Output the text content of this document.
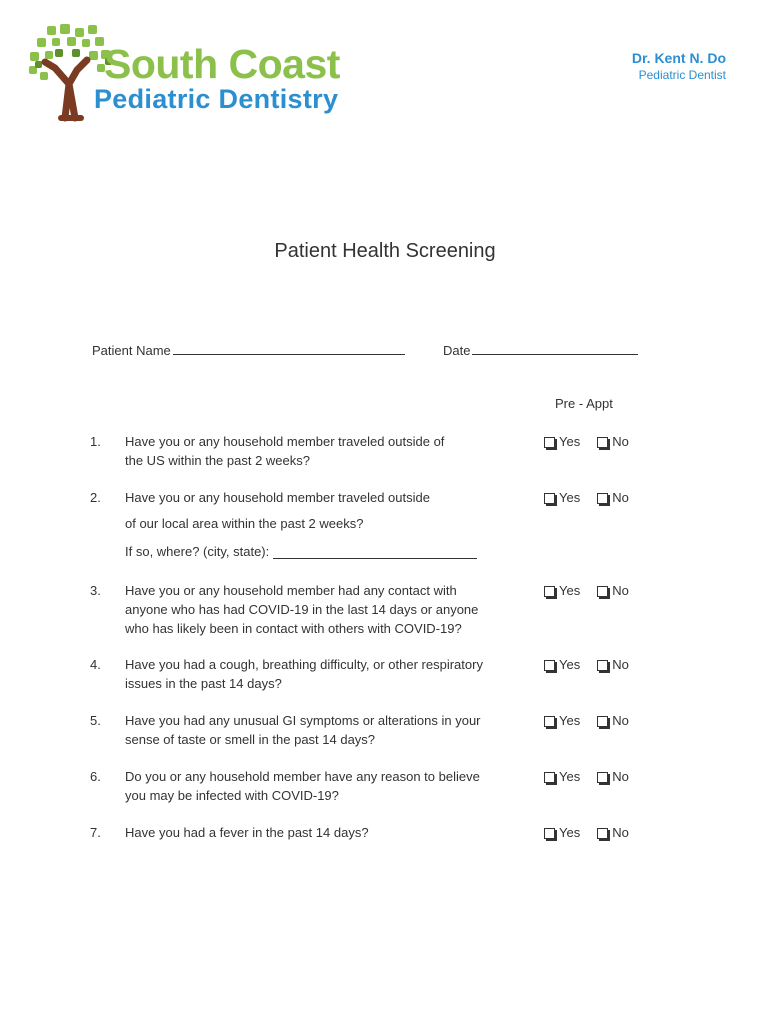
South Coast
Pediatric Dentistry
Dr. Kent N. Do
Pediatric Dentist
Patient Health Screening
Patient Name	Date
Pre - Appt
1. Have you or any household member traveled outside of the US within the past 2 weeks?
Yes No
2. Have you or any household member traveled outside	Yes No
of our local area within the past 2 weeks?
If so, where? (city, state):
3. Have you or any household member had any contact with anyone who has had COVID-19 in the last 14 days or anyone who has likely been in contact with others with COVID-19?
Yes No
4. Have you had a cough, breathing difficulty, or other respiratory issues in the past 14 days?
Yes No
5. Have you had any unusual GI symptoms or alterations in your sense of taste or smell in the past 14 days?
Yes No
6. Do you or any household member have any reason to believe you may be infected with COVID-19?
Yes No
7. Have you had a fever in the past 14 days?	Yes No
